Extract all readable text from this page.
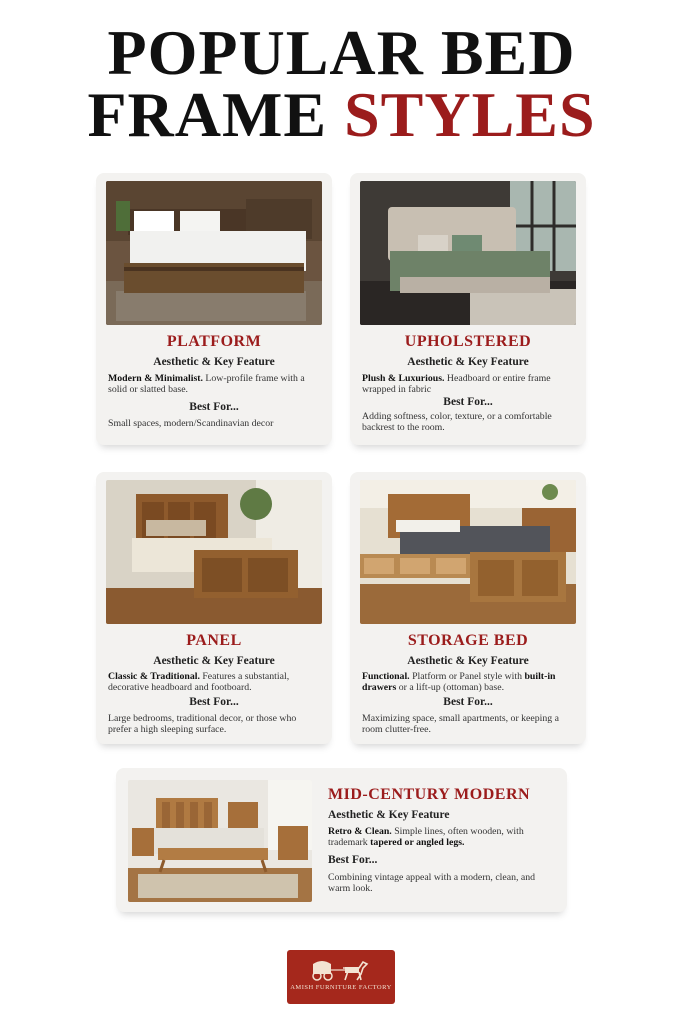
POPULAR BED
FRAME STYLES
PLATFORM
Aesthetic & Key Feature
Modern & Minimalist. Low-profile frame with a solid or slatted base.
Best For...
Small spaces, modern/Scandinavian decor
UPHOLSTERED
Aesthetic & Key Feature
Plush & Luxurious. Headboard or entire frame wrapped in fabric
Best For...
Adding softness, color, texture, or a comfortable backrest to the room.
PANEL
Aesthetic & Key Feature
Classic & Traditional. Features a substantial, decorative headboard and footboard.
Best For...
Large bedrooms, traditional decor, or those who prefer a high sleeping surface.
STORAGE BED
Aesthetic & Key Feature
Functional. Platform or Panel style with built-in drawers or a lift-up (ottoman) base.
Best For...
Maximizing space, small apartments, or keeping a room clutter-free.
MID-CENTURY MODERN
Aesthetic & Key Feature
Retro & Clean. Simple lines, often wooden, with trademark tapered or angled legs.
Best For...
Combining vintage appeal with a modern, clean, and warm look.
AMISH FURNITURE FACTORY
